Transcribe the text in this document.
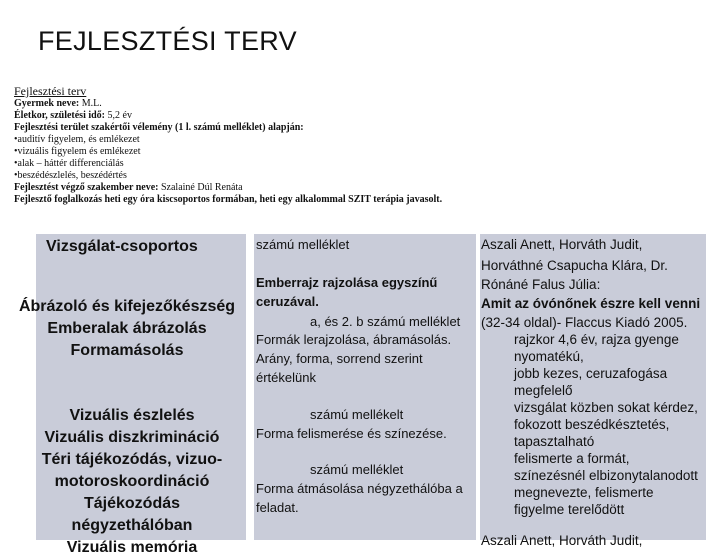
FEJLESZTÉSI TERV
Fejlesztési terv
Gyermek neve: M.L.
Életkor, születési idő: 5,2 év
Fejlesztési terület szakértői vélemény (1 l. számú melléklet) alapján:
•auditív figyelem, és emlékezet
•vizuális figyelem és emlékezet
•alak – háttér differenciálás
•beszédészlelés, beszédértés
Fejlesztést végző szakember neve: Szalainé Dúl Renáta
Fejlesztő foglalkozás heti egy óra kiscsoportos formában, heti egy alkalommal SZIT terápia javasolt.
Vizsgálat-csoportos
Ábrázoló és kifejezőkészség
Emberalak ábrázolás
Formamásolás
Vizuális észlelés
Vizuális diszkrimináció
Téri tájékozódás, vizuo-
motoroskoordináció
Tájékozódás
négyzethálóban
Vizuális memória
számú melléklet
Emberrajz rajzolása egyszínű
ceruzával.
a, és 2. b számú melléklet
Formák lerajzolása, ábramásolás.
Arány, forma, sorrend szerint
értékelünk
számú mellékelt
Forma felismerése és színezése.
számú melléklet
Forma átmásolása négyzethálóba a
feladat.
Aszali Anett, Horváth Judit,
Horváthné Csapucha Klára, Dr.
Rónáné Falus Júlia:
Amit az óvónőnek észre kell venni
(32-34 oldal)- Flaccus Kiadó 2005.
rajzkor 4,6 év, rajza gyenge
nyomatékú,
jobb kezes, ceruzafogása
megfelelő
vizsgálat közben sokat kérdez,
fokozott beszédkésztetés,
tapasztalható
felismerte a formát,
színezésnél elbizonytalanodott
megnevezte, felismerte
figyelme terelődött
Aszali Anett, Horváth Judit,
